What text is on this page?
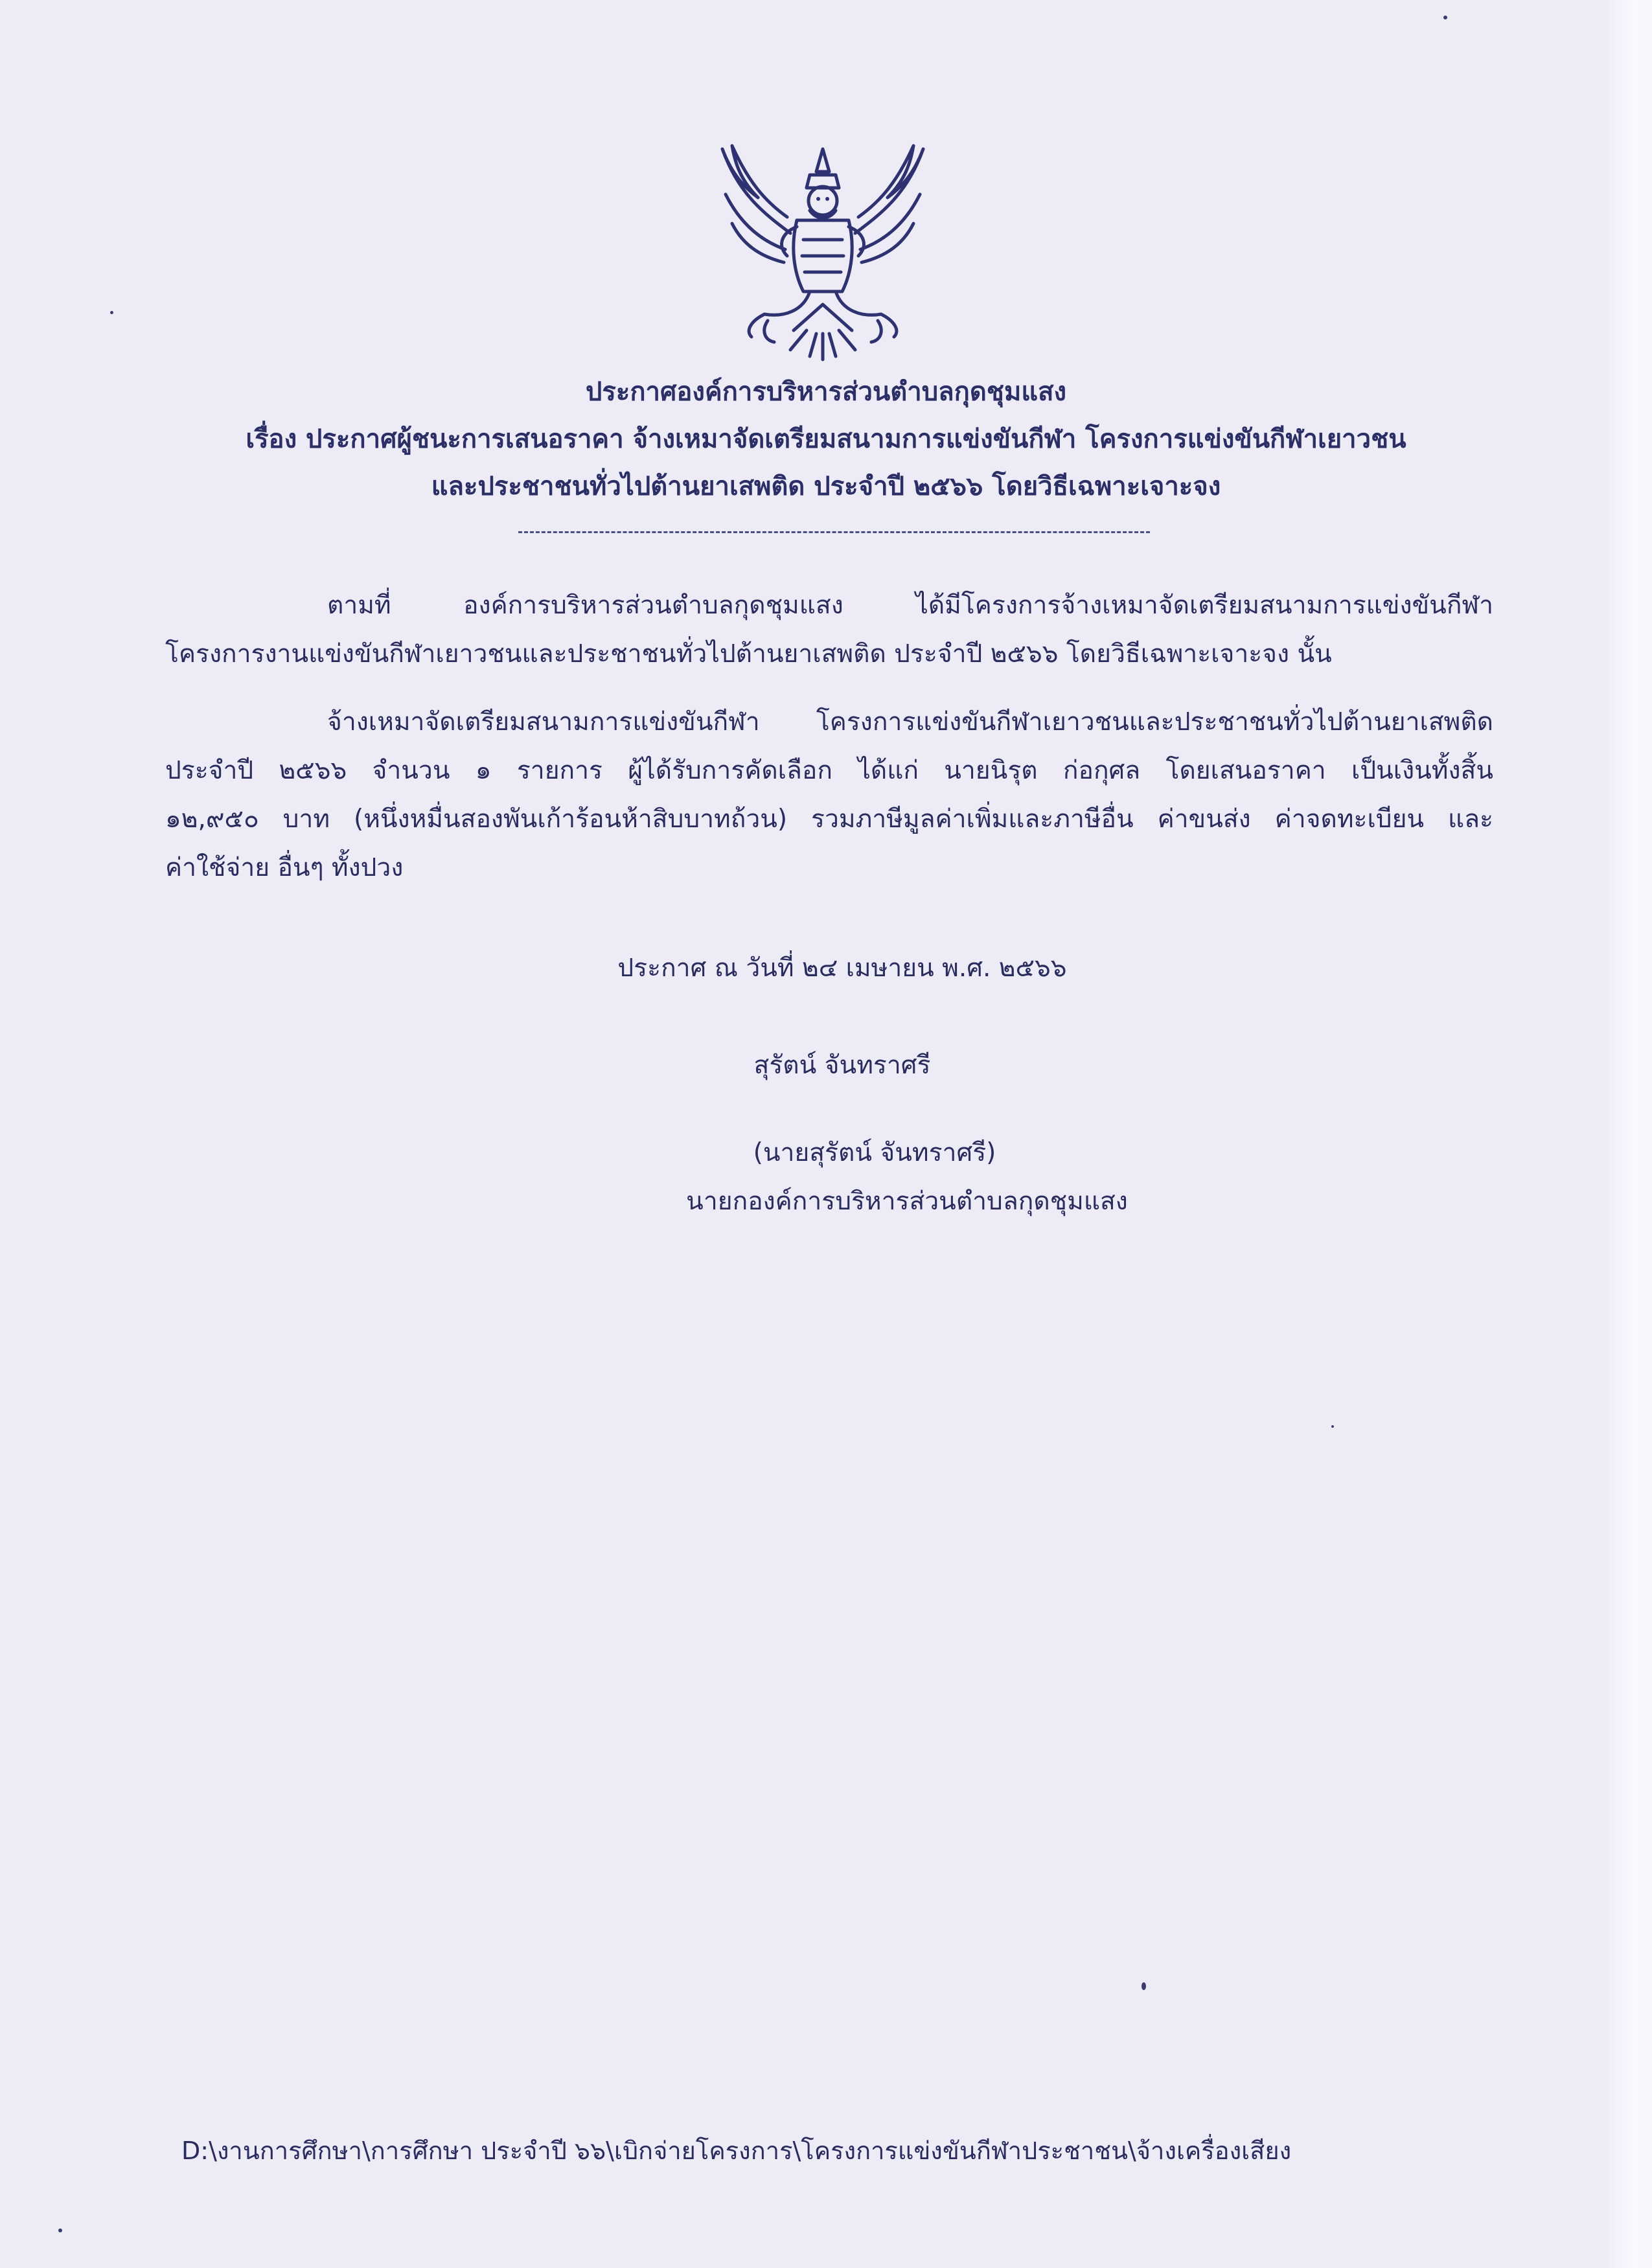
ประกาศองค์การบริหารส่วนตำบลกุดชุมแสง
เรื่อง ประกาศผู้ชนะการเสนอราคา จ้างเหมาจัดเตรียมสนามการแข่งขันกีฬา โครงการแข่งขันกีฬาเยาวชน
และประชาชนทั่วไปต้านยาเสพติด ประจำปี ๒๕๖๖ โดยวิธีเฉพาะเจาะจง
ตามที่ องค์การบริหารส่วนตำบลกุดชุมแสง ได้มีโครงการจ้างเหมาจัดเตรียมสนามการแข่งขันกีฬา
โครงการงานแข่งขันกีฬาเยาวชนและประชาชนทั่วไปต้านยาเสพติด ประจำปี ๒๕๖๖ โดยวิธีเฉพาะเจาะจง นั้น
จ้างเหมาจัดเตรียมสนามการแข่งขันกีฬา โครงการแข่งขันกีฬาเยาวชนและประชาชนทั่วไปต้านยาเสพติด
ประจำปี ๒๕๖๖ จำนวน ๑ รายการ ผู้ได้รับการคัดเลือก ได้แก่ นายนิรุต ก่อกุศล โดยเสนอราคา เป็นเงินทั้งสิ้น
๑๒,๙๕๐ บาท (หนึ่งหมื่นสองพันเก้าร้อนห้าสิบบาทถ้วน) รวมภาษีมูลค่าเพิ่มและภาษีอื่น ค่าขนส่ง ค่าจดทะเบียน และ
ค่าใช้จ่าย อื่นๆ ทั้งปวง
ประกาศ ณ วันที่ ๒๔ เมษายน พ.ศ. ๒๕๖๖
สุรัตน์ จันทราศรี
(นายสุรัตน์ จันทราศรี)
นายกองค์การบริหารส่วนตำบลกุดชุมแสง
D:\งานการศึกษา\การศึกษา ประจำปี ๖๖\เบิกจ่ายโครงการ\โครงการแข่งขันกีฬาประชาชน\จ้างเครื่องเสียง
